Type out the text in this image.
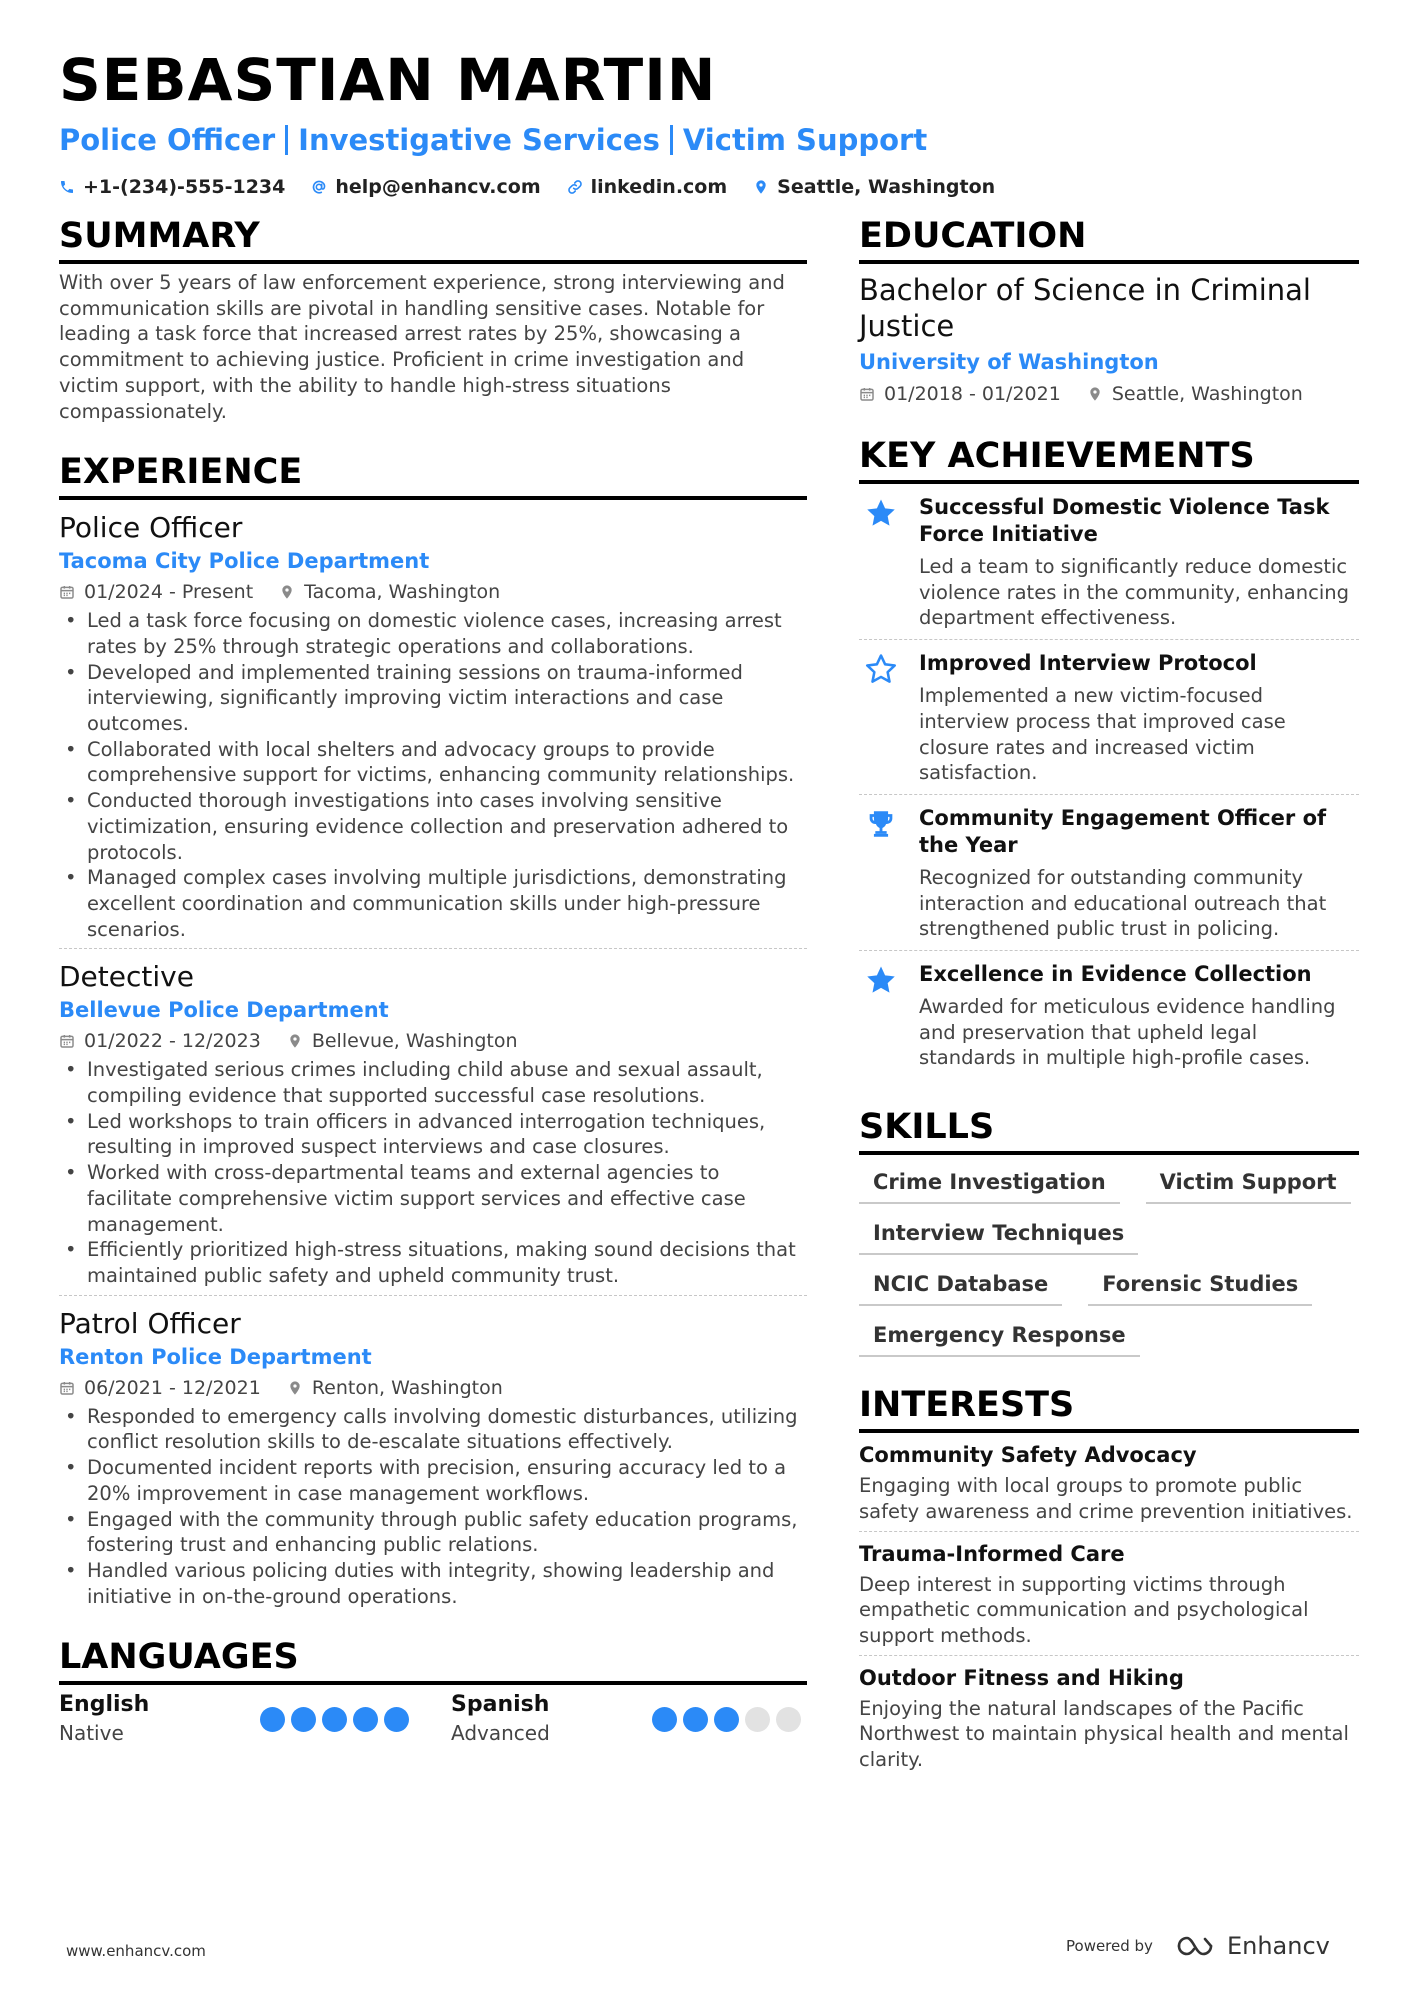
SEBASTIAN MARTIN
Police Officer Investigative Services Victim Support
+1-(234)-555-1234	help@enhancv.com	linkedin.com	Seattle, Washington
SUMMARY
With over 5 years of law enforcement experience, strong interviewing and communication skills are pivotal in handling sensitive cases. Notable for leading a task force that increased arrest rates by 25%, showcasing a commitment to achieving justice. Proficient in crime investigation and victim support, with the ability to handle high-stress situations compassionately.
EXPERIENCE
Police Officer
Tacoma City Police Department
01/2024 - Present	Tacoma, Washington
• Led a task force focusing on domestic violence cases, increasing arrest rates by 25% through strategic operations and collaborations.
• Developed and implemented training sessions on trauma-informed interviewing, significantly improving victim interactions and case outcomes.
• Collaborated with local shelters and advocacy groups to provide comprehensive support for victims, enhancing community relationships.
• Conducted thorough investigations into cases involving sensitive victimization, ensuring evidence collection and preservation adhered to protocols.
• Managed complex cases involving multiple jurisdictions, demonstrating excellent coordination and communication skills under high-pressure scenarios.
Detective
Bellevue Police Department
01/2022 - 12/2023	Bellevue, Washington
• Investigated serious crimes including child abuse and sexual assault, compiling evidence that supported successful case resolutions.
• Led workshops to train officers in advanced interrogation techniques, resulting in improved suspect interviews and case closures.
• Worked with cross-departmental teams and external agencies to facilitate comprehensive victim support services and effective case management.
• Efficiently prioritized high-stress situations, making sound decisions that maintained public safety and upheld community trust.
Patrol Officer
Renton Police Department
06/2021 - 12/2021	Renton, Washington
• Responded to emergency calls involving domestic disturbances, utilizing conflict resolution skills to de-escalate situations effectively.
• Documented incident reports with precision, ensuring accuracy led to a 20% improvement in case management workflows.
• Engaged with the community through public safety education programs, fostering trust and enhancing public relations.
• Handled various policing duties with integrity, showing leadership and initiative in on-the-ground operations.
LANGUAGES
English
Native
Spanish
Advanced
EDUCATION
Bachelor of Science in Criminal Justice
University of Washington
01/2018 - 01/2021	Seattle, Washington
KEY ACHIEVEMENTS
Successful Domestic Violence Task Force Initiative
Led a team to significantly reduce domestic violence rates in the community, enhancing department effectiveness.
Improved Interview Protocol
Implemented a new victim-focused interview process that improved case closure rates and increased victim satisfaction.
Community Engagement Officer of the Year
Recognized for outstanding community interaction and educational outreach that strengthened public trust in policing.
Excellence in Evidence Collection
Awarded for meticulous evidence handling and preservation that upheld legal standards in multiple high-profile cases.
SKILLS
Crime Investigation	Victim Support
Interview Techniques
NCIC Database	Forensic Studies
Emergency Response
INTERESTS
Community Safety Advocacy
Engaging with local groups to promote public safety awareness and crime prevention initiatives.
Trauma-Informed Care
Deep interest in supporting victims through empathetic communication and psychological support methods.
Outdoor Fitness and Hiking
Enjoying the natural landscapes of the Pacific Northwest to maintain physical health and mental clarity.
www.enhancv.com	Powered by	Enhancv
